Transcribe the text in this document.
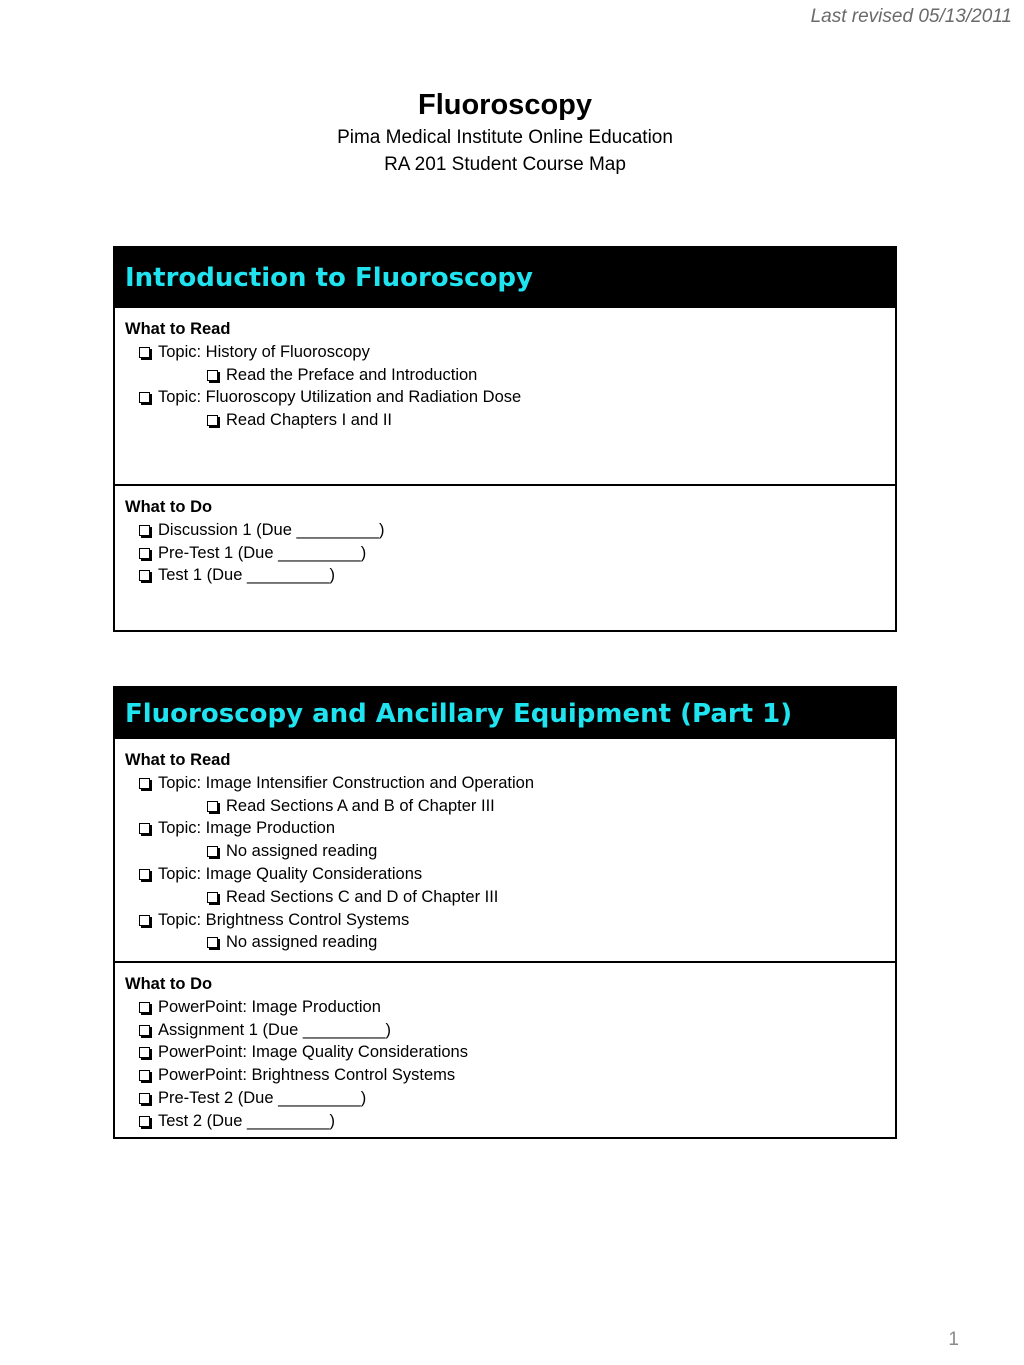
Last revised 05/13/2011
Fluoroscopy
Pima Medical Institute Online Education
RA 201 Student Course Map
Introduction to Fluoroscopy
What to Read
Topic: History of Fluoroscopy
Read the Preface and Introduction
Topic: Fluoroscopy Utilization and Radiation Dose
Read Chapters I and II
What to Do
Discussion 1 (Due _________)
Pre-Test 1 (Due _________)
Test 1 (Due _________)
Fluoroscopy and Ancillary Equipment (Part 1)
What to Read
Topic: Image Intensifier Construction and Operation
Read Sections A and B of Chapter III
Topic: Image Production
No assigned reading
Topic: Image Quality Considerations
Read Sections C and D of Chapter III
Topic: Brightness Control Systems
No assigned reading
What to Do
PowerPoint: Image Production
Assignment 1 (Due _________)
PowerPoint: Image Quality Considerations
PowerPoint: Brightness Control Systems
Pre-Test 2 (Due _________)
Test 2 (Due _________)
1
